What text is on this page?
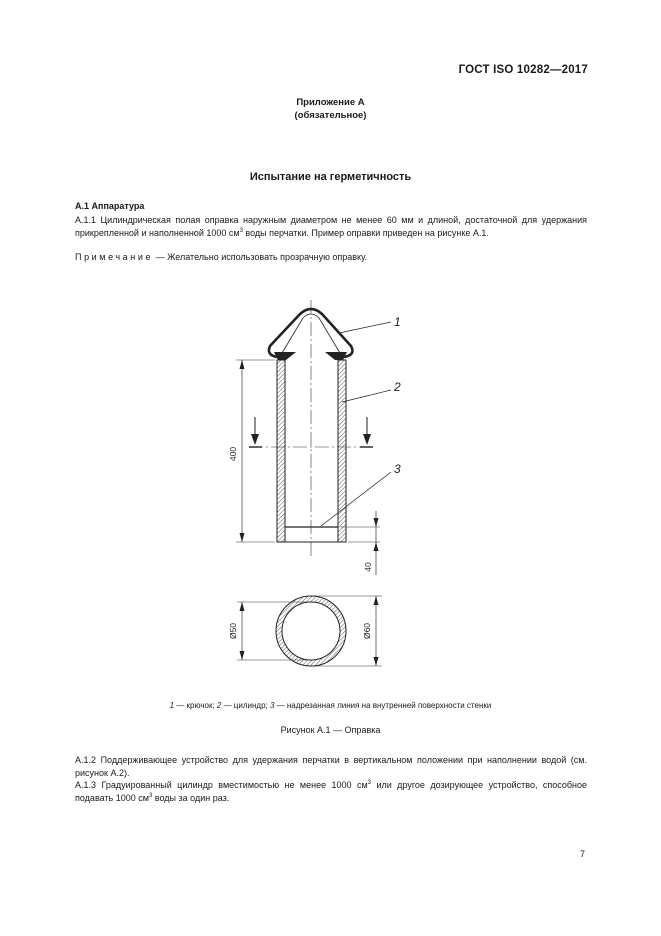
ГОСТ ISO 10282—2017
Приложение А
(обязательное)
Испытание на герметичность
А.1 Аппаратура
А.1.1 Цилиндрическая полая оправка наружным диаметром не менее 60 мм и длиной, достаточной для удержания прикрепленной и наполненной 1000 $см^3$ воды перчатки. Пример оправки приведен на рисунке А.1.
Примечание — Желательно использовать прозрачную оправку.
400
40
1
2
3
Ø50	Ø60
1 — крючок; 2 — цилиндр; 3 — надрезанная линия на внутренней поверхности стенки
Рисунок А.1 — Оправка
А.1.2 Поддерживающее устройство для удержания перчатки в вертикальном положении при наполнении водой (см. рисунок А.2).
А.1.3 Градуированный цилиндр вместимостью не менее 1000 $см^3$ или другое дозирующее устройство, способное подавать 1000 $см^3$ воды за один раз.
7
